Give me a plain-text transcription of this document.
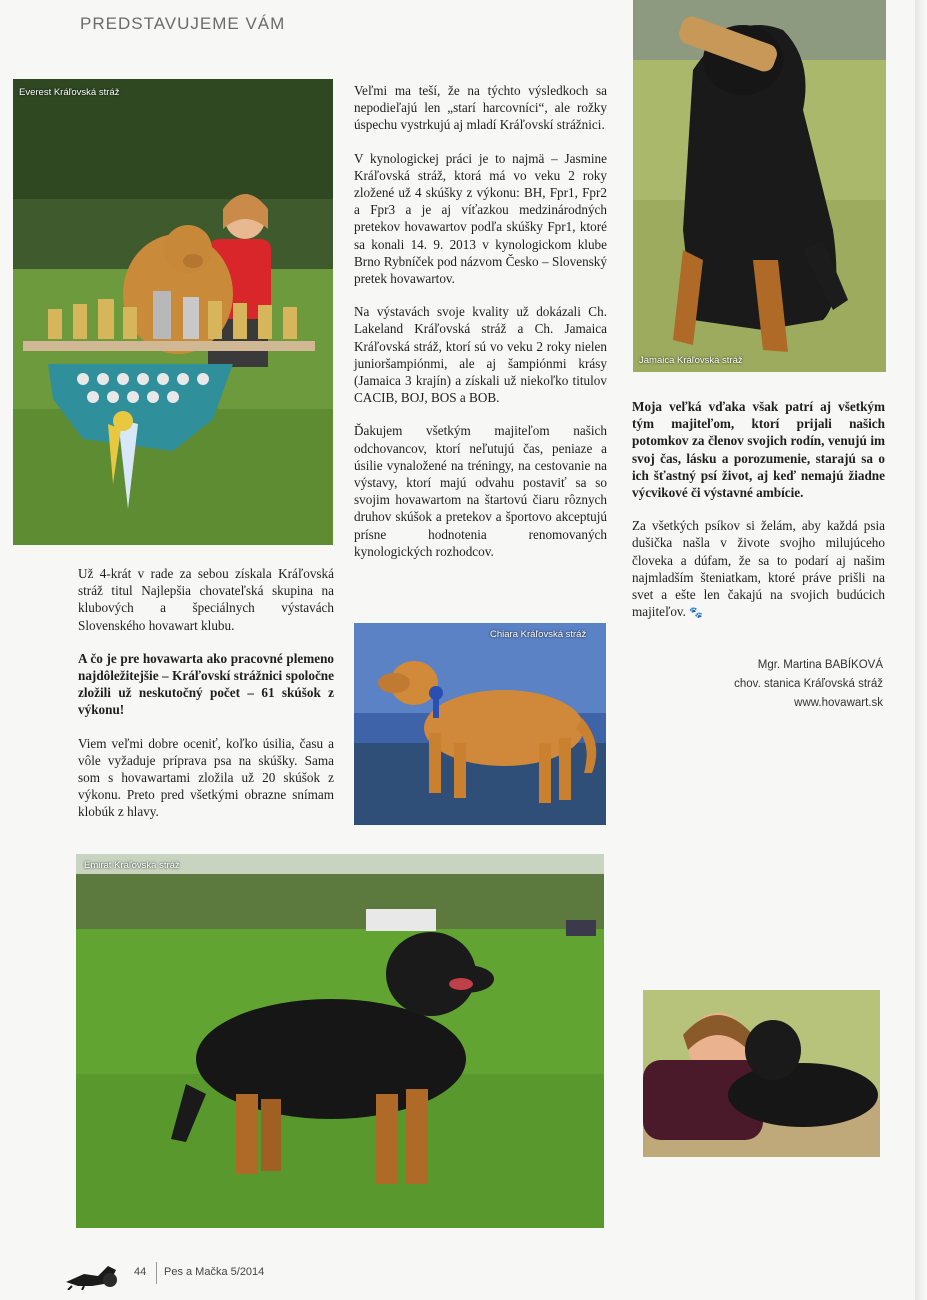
PREDSTAVUJEME VÁM
Everest Kráľovská stráž
Jamaica Kráľovská stráž

Už 4-krát v rade za sebou získala Kráľovská stráž titul Najlepšia chovateľská skupina na klubových a špeciálnych výstavách Slovenského hovawart klubu.

A čo je pre hovawarta ako pracovné plemeno najdôležitejšie – Kráľovskí strážnici spoločne zložili už neskutočný počet – 61 skúšok z výkonu!

Viem veľmi dobre oceniť, koľko úsilia, času a vôle vyžaduje príprava psa na skúšky. Sama som s hovawartami zložila už 20 skúšok z výkonu. Preto pred všetkými obrazne snímam klobúk z hlavy.

Veľmi ma teší, že na týchto výsledkoch sa nepodieľajú len „starí harcovníci“, ale rožky úspechu vystrkujú aj mladí Kráľovskí strážnici.

V kynologickej práci je to najmä – Jasmine Kráľovská stráž, ktorá má vo veku 2 roky zložené už 4 skúšky z výkonu: BH, Fpr1, Fpr2 a Fpr3 a je aj víťazkou medzinárodných pretekov hovawartov podľa skúšky Fpr1, ktoré sa konali 14. 9. 2013 v kynologickom klube Brno Rybníček pod názvom Česko – Slovenský pretek hovawartov.

Na výstavách svoje kvality už dokázali Ch. Lakeland Kráľovská stráž a Ch. Jamaica Kráľovská stráž, ktorí sú vo veku 2 roky nielen junioršampiónmi, ale aj šampiónmi krásy (Jamaica 3 krajín) a získali už niekoľko titulov CACIB, BOJ, BOS a BOB.

Ďakujem všetkým majiteľom našich odchovancov, ktorí neľutujú čas, peniaze a úsilie vynaložené na tréningy, na cestovanie na výstavy, ktorí majú odvahu postaviť sa so svojim hovawartom na štartovú čiaru rôznych druhov skúšok a pretekov a športovo akceptujú prísne hodnotenia renomovaných kynologických rozhodcov.

Moja veľká vďaka však patrí aj všetkým tým majiteľom, ktorí prijali našich potomkov za členov svojich rodín, venujú im svoj čas, lásku a porozumenie, starajú sa o ich šťastný psí život, aj keď nemajú žiadne výcvikové či výstavné ambície.

Za všetkých psíkov si želám, aby každá psia dušička našla v živote svojho milujúceho človeka a dúfam, že sa to podarí aj našim najmladším šteniatkam, ktoré práve prišli na svet a ešte len čakajú na svojich budúcich majiteľov. 🐾

Mgr. Martina BABÍKOVÁ
chov. stanica Kráľovská stráž
www.hovawart.sk
Chiara Kráľovská stráž
Emirat Kráľovská stráž
44 Pes a Mačka 5/2014
